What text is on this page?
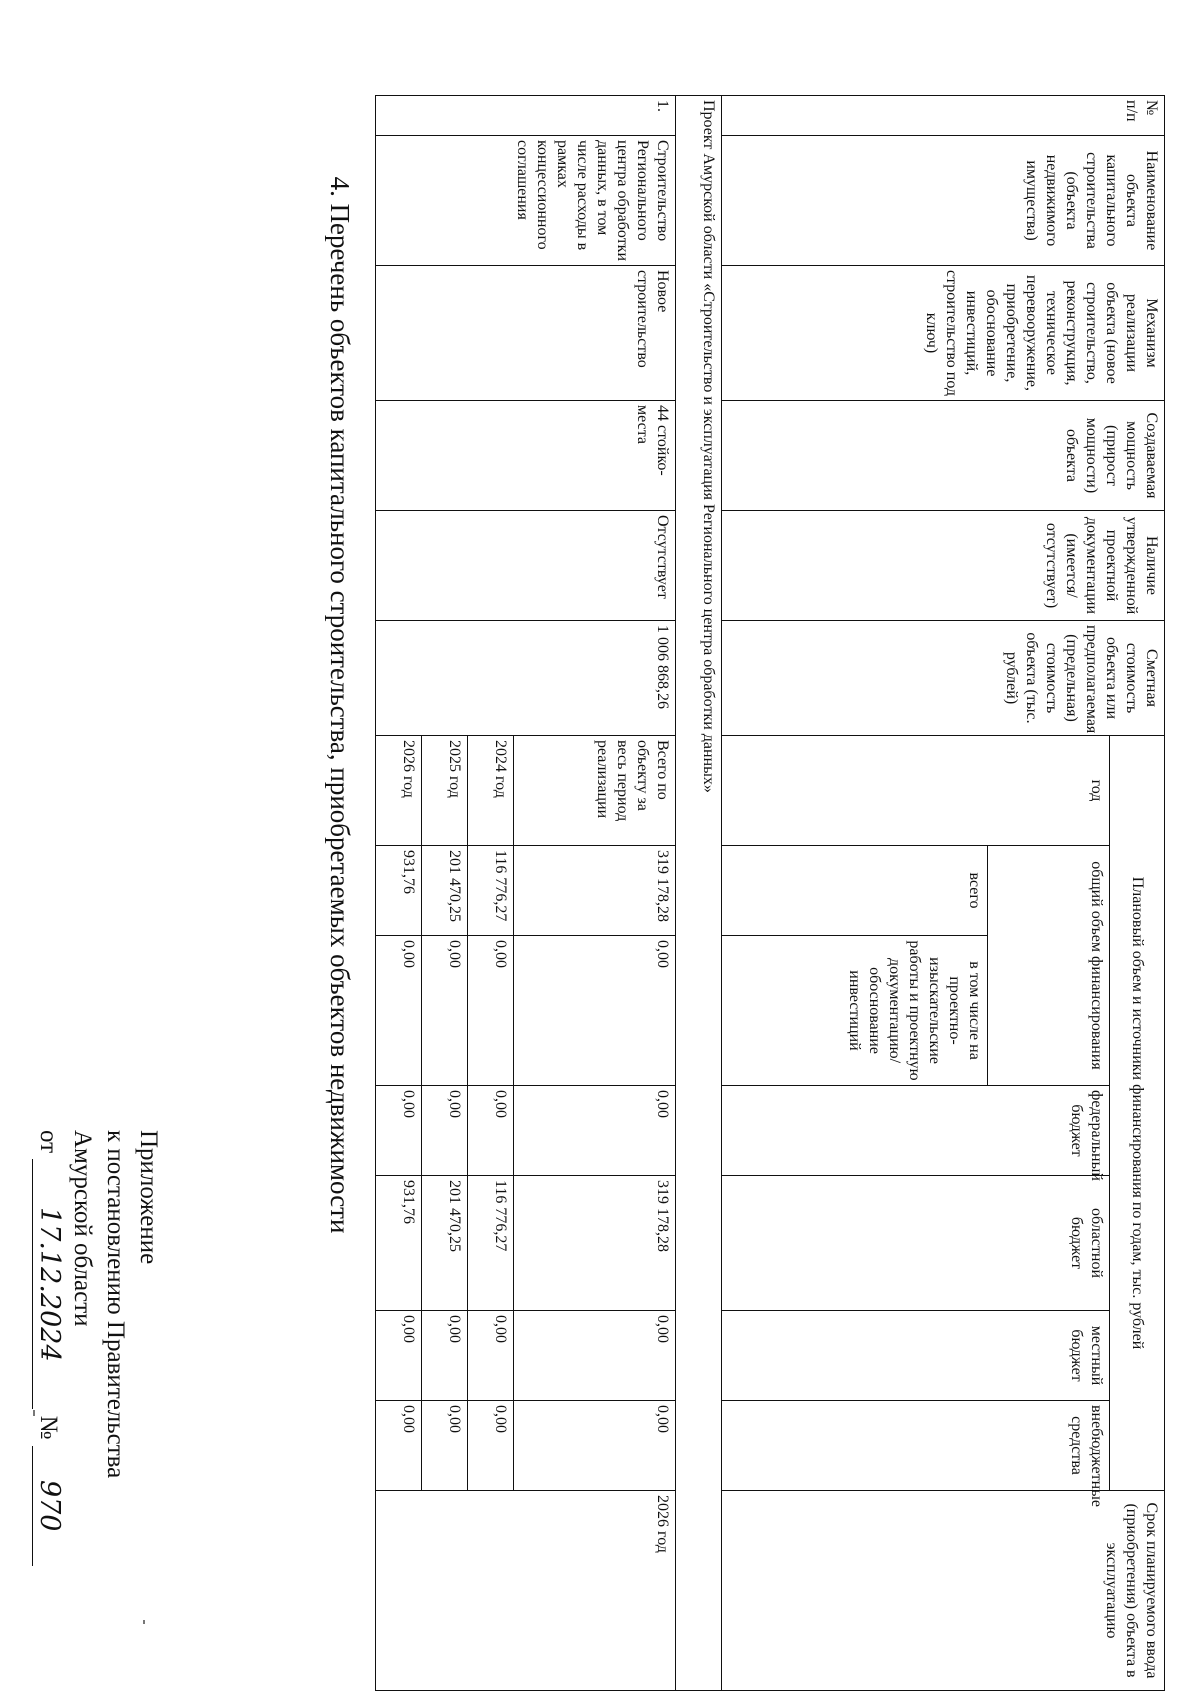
Приложение
к постановлению Правительства
Амурской области
от 17.12.2024 № 970
4. Перечень объектов капитального строительства, приобретаемых объектов недвижимости
№ п/п	Наименование объекта капитального строительства (объекта недвижимого имущества)	Механизм реализации объекта (новое строительство, реконструкция, техническое перевооружение, приобретение, обоснование инвестиций, строительство под ключ)	Создаваемая мощность (прирост мощности) объекта	Наличие утвержденной проектной документации (имеется/ отсутствует)	Сметная стоимость объекта или предполагаемая (предельная) стоимость объекта (тыс. рублей)	Плановый объем и источники финансирования по годам, тыс. рублей							Срок планируемого ввода (приобретения) объекта в эксплуатацию
						год	общий объем финансирования		федеральный бюджет	областной бюджет	местный бюджет	внебюджетные средства	
							всего	в том числе на проектно-изыскательские работы и проектную документацию/обоснование инвестиций					
Проект Амурской области «Строительство и эксплуатация Регионального центра обработки данных»													
1.	Строительство Регионального центра обработки данных, в том числе расходы в рамках концессионного соглашения	Новое строительство	44 стойко-места	Отсутствует	1 006 868,26	Всего по объекту за весь период реализации	319 178,28	0,00	0,00	319 178,28	0,00	0,00	2026 год
						2024 год	116 776,27	0,00	0,00	116 776,27	0,00	0,00	
						2025 год	201 470,25	0,00	0,00	201 470,25	0,00	0,00	
						2026 год	931,76	0,00	0,00	931,76	0,00	0,00	
